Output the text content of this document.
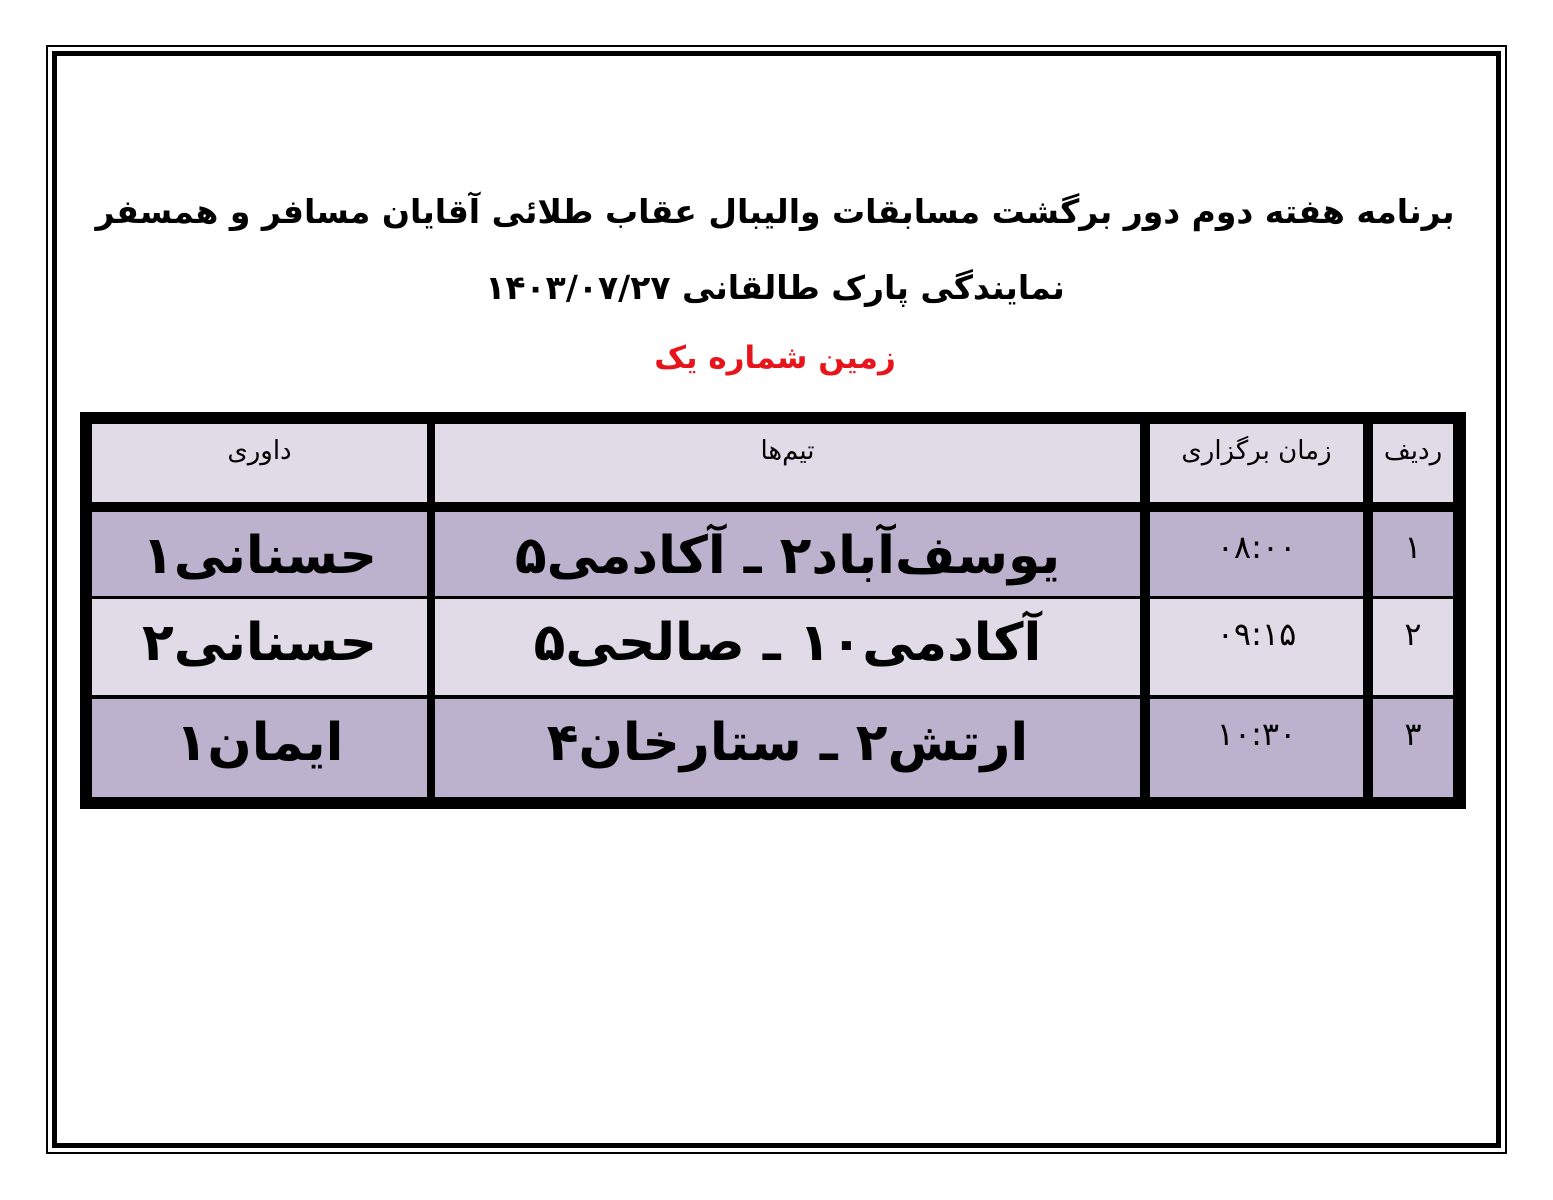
برنامه هفته دوم دور برگشت مسابقات والیبال عقاب طلائی آقایان مسافر و همسفر
نمایندگی پارک طالقانی ۱۴۰۳/۰۷/۲۷
زمین شماره یک
ردیف
زمان برگزاری
تیم‌ها
داوری
۱
۰۸:۰۰
یوسف‌آباد۲ ـ آکادمی۵
حسنانی۱
۲
۰۹:۱۵
آکادمی۱۰ ـ صالحی۵
حسنانی۲
۳
۱۰:۳۰
ارتش۲ ـ ستارخان۴
ایمان۱
